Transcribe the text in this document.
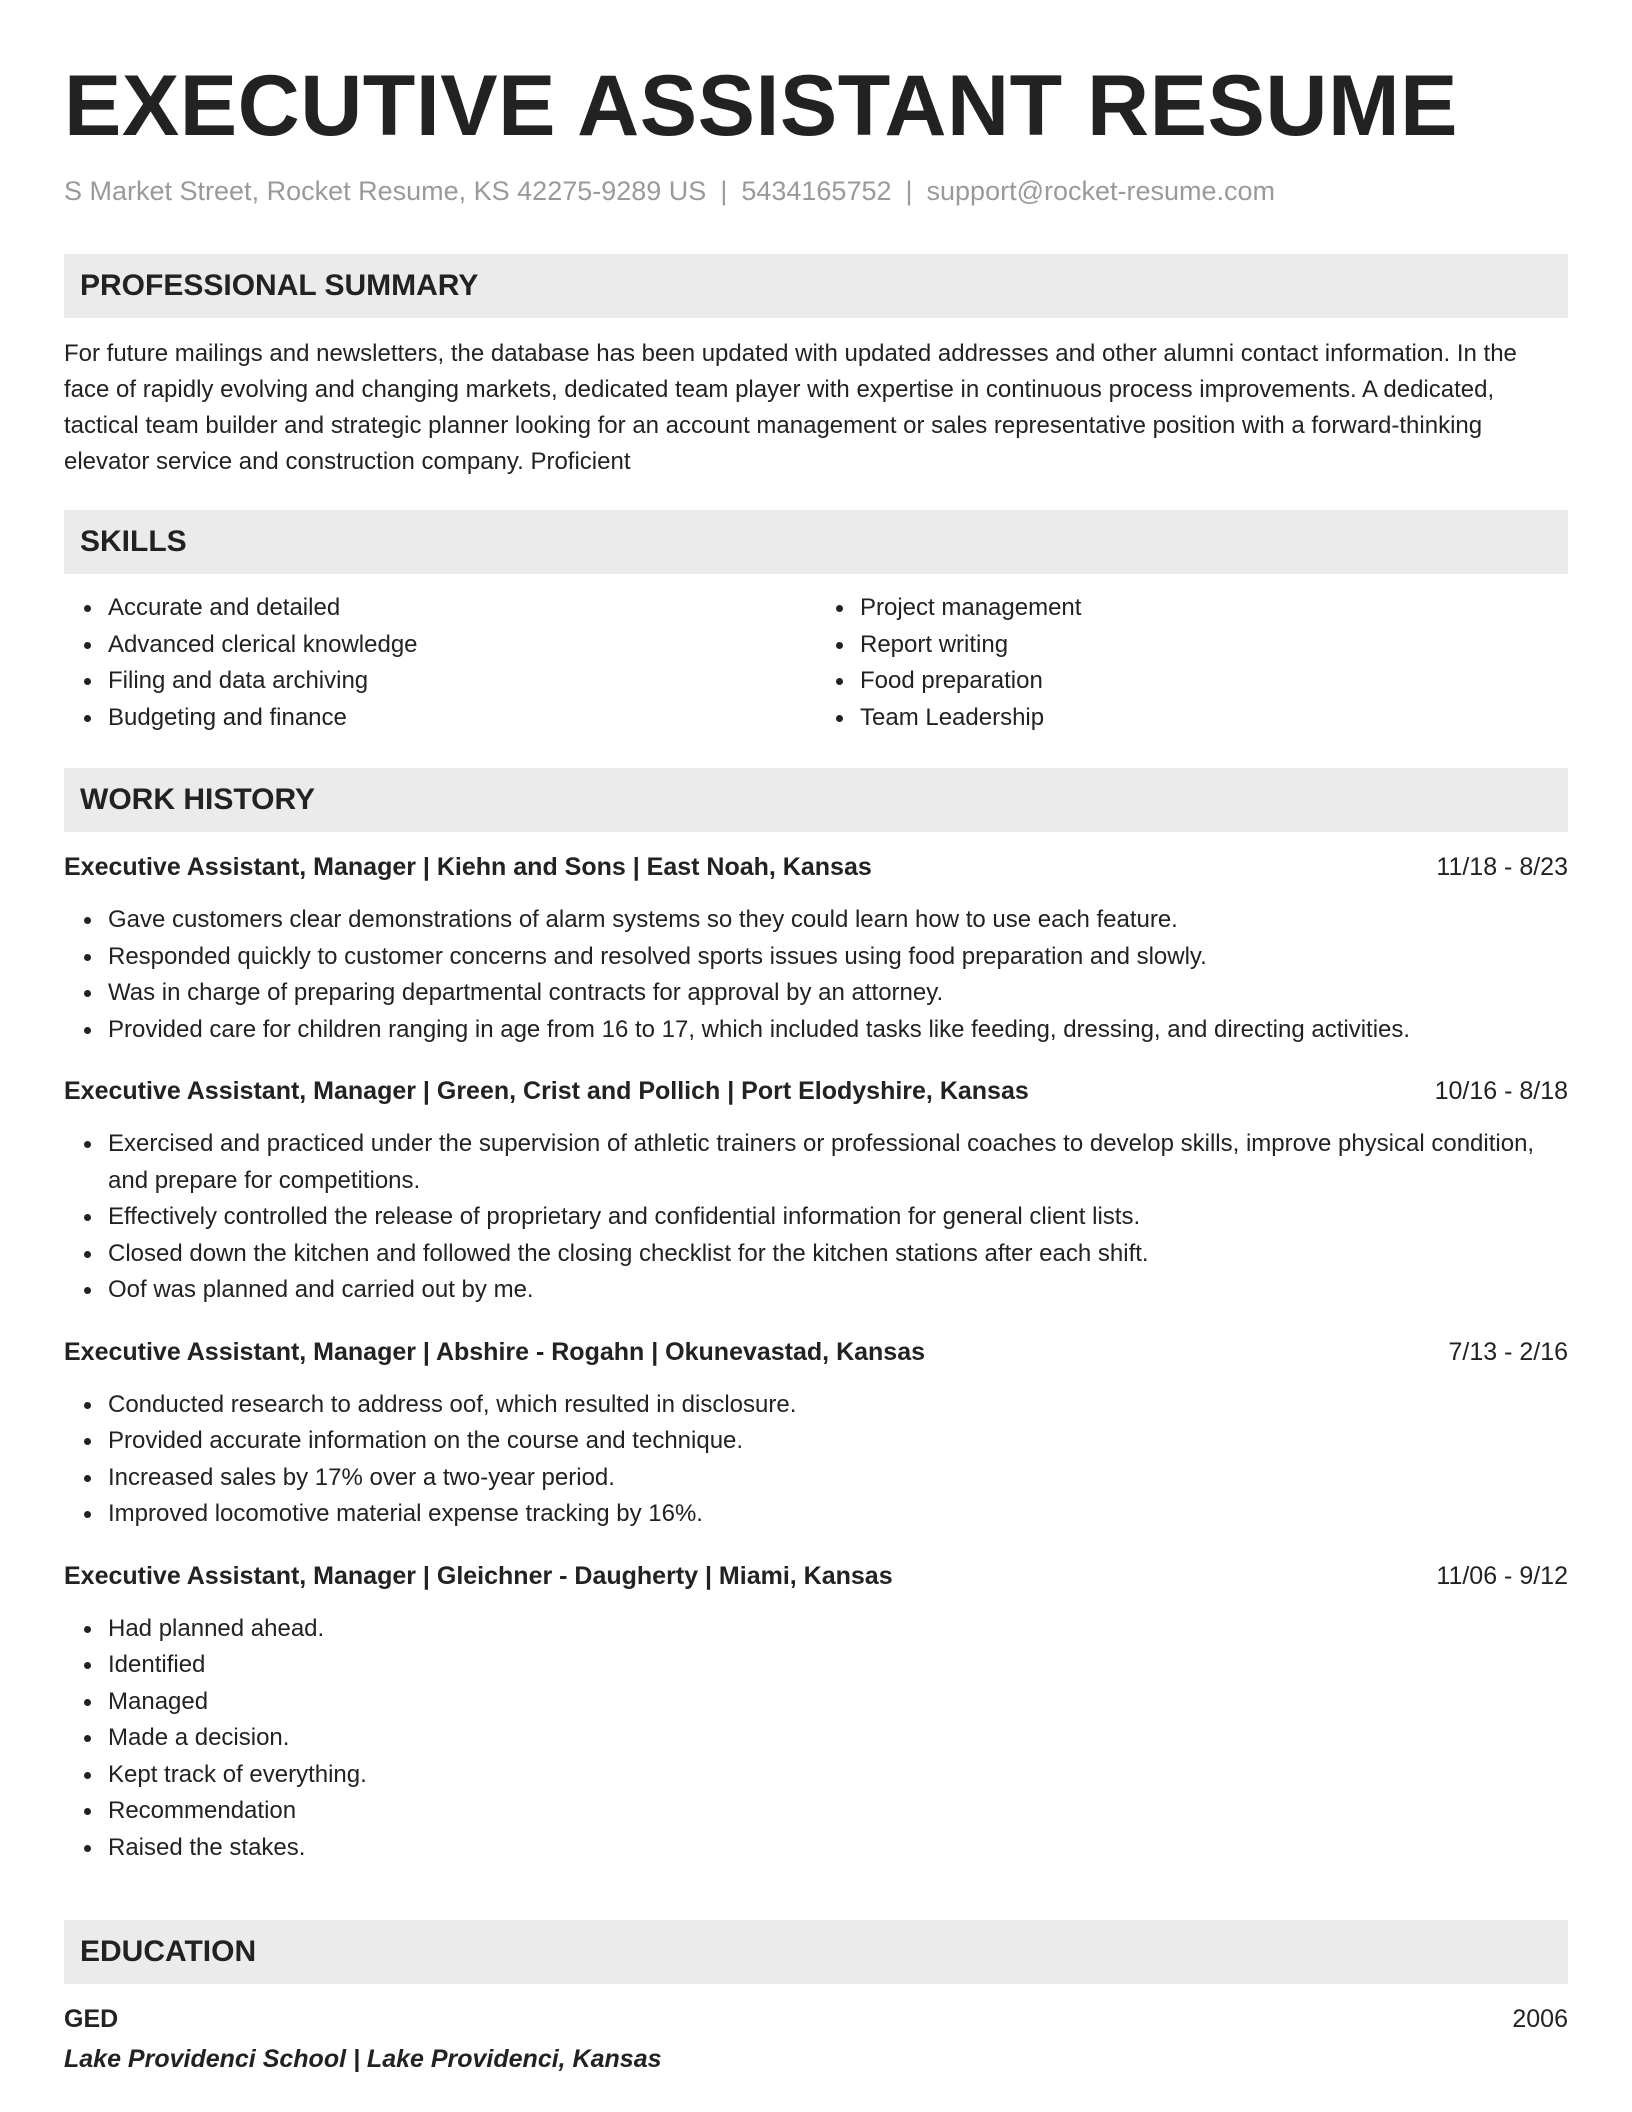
EXECUTIVE ASSISTANT RESUME
S Market Street, Rocket Resume, KS 42275-9289 US | 5434165752 | support@rocket-resume.com
PROFESSIONAL SUMMARY
For future mailings and newsletters, the database has been updated with updated addresses and other alumni contact information. In the face of rapidly evolving and changing markets, dedicated team player with expertise in continuous process improvements. A dedicated, tactical team builder and strategic planner looking for an account management or sales representative position with a forward-thinking elevator service and construction company. Proficient
SKILLS
Accurate and detailed
Advanced clerical knowledge
Filing and data archiving
Budgeting and finance
Project management
Report writing
Food preparation
Team Leadership
WORK HISTORY
Executive Assistant, Manager | Kiehn and Sons | East Noah, Kansas	11/18 - 8/23
Gave customers clear demonstrations of alarm systems so they could learn how to use each feature.
Responded quickly to customer concerns and resolved sports issues using food preparation and slowly.
Was in charge of preparing departmental contracts for approval by an attorney.
Provided care for children ranging in age from 16 to 17, which included tasks like feeding, dressing, and directing activities.
Executive Assistant, Manager | Green, Crist and Pollich | Port Elodyshire, Kansas	10/16 - 8/18
Exercised and practiced under the supervision of athletic trainers or professional coaches to develop skills, improve physical condition, and prepare for competitions.
Effectively controlled the release of proprietary and confidential information for general client lists.
Closed down the kitchen and followed the closing checklist for the kitchen stations after each shift.
Oof was planned and carried out by me.
Executive Assistant, Manager | Abshire - Rogahn | Okunevastad, Kansas	7/13 - 2/16
Conducted research to address oof, which resulted in disclosure.
Provided accurate information on the course and technique.
Increased sales by 17% over a two-year period.
Improved locomotive material expense tracking by 16%.
Executive Assistant, Manager | Gleichner - Daugherty | Miami, Kansas	11/06 - 9/12
Had planned ahead.
Identified
Managed
Made a decision.
Kept track of everything.
Recommendation
Raised the stakes.
EDUCATION
GED	2006
Lake Providenci School | Lake Providenci, Kansas
